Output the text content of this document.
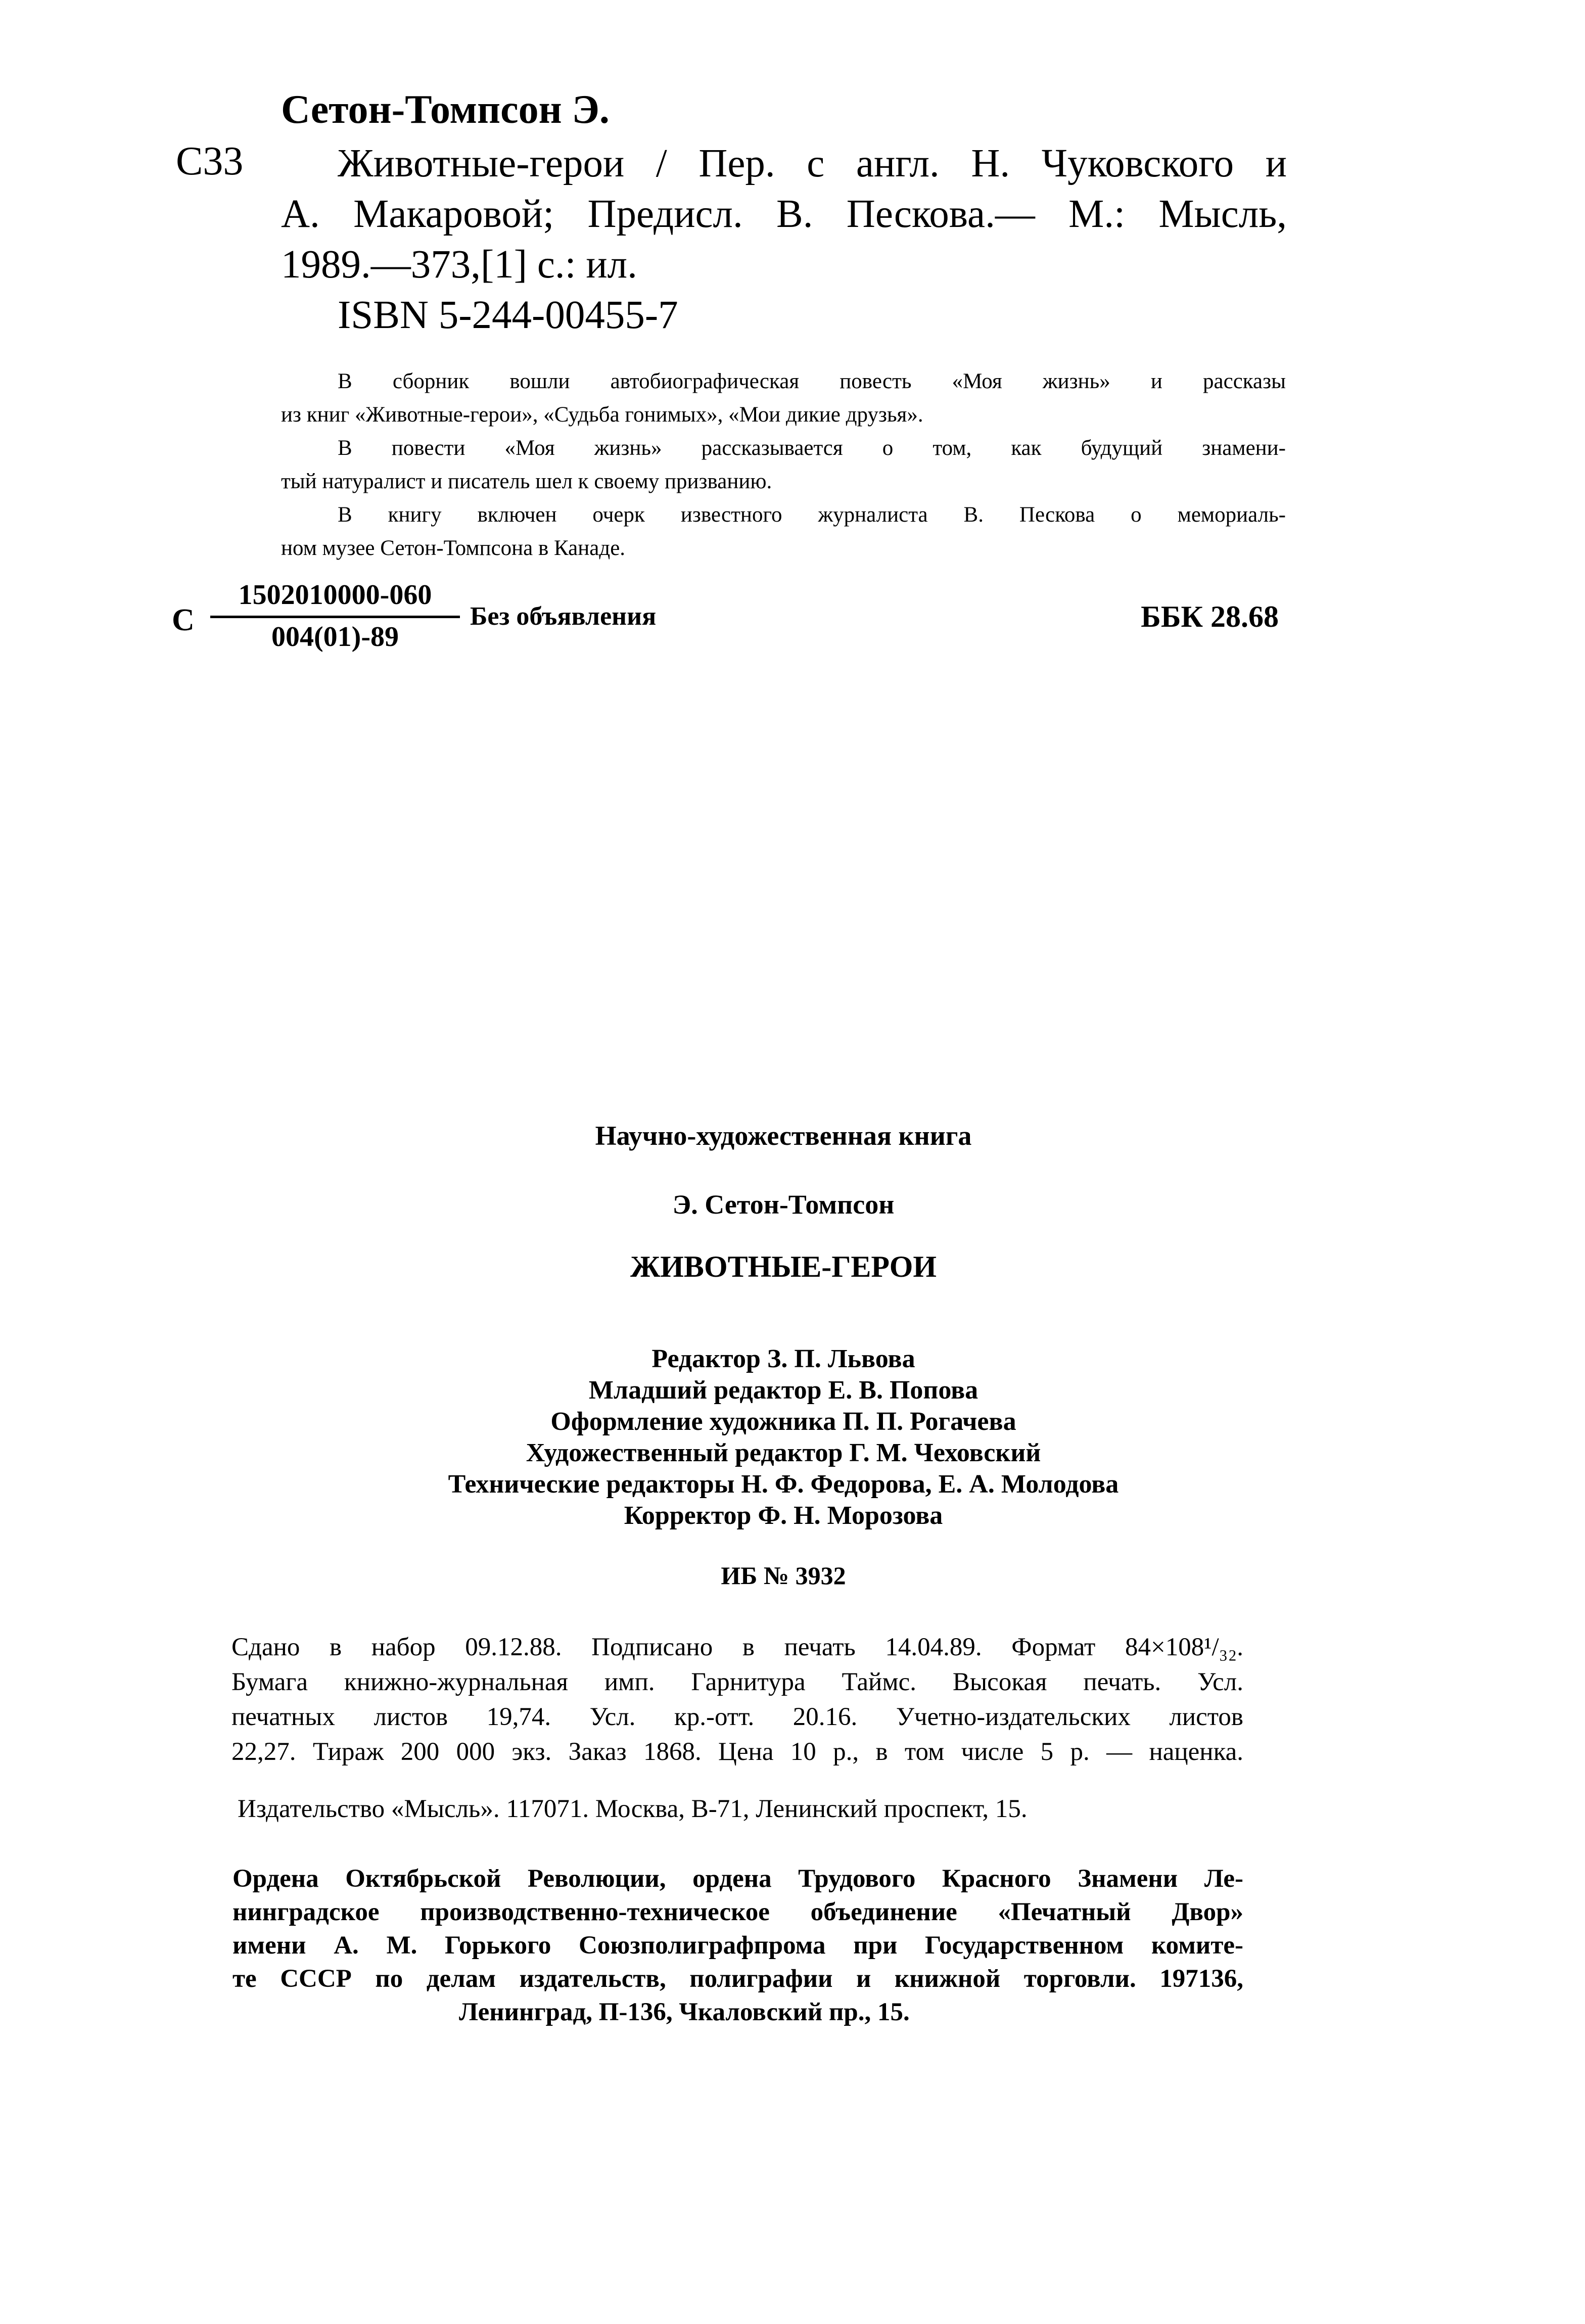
Сетон-Томпсон Э.
С33	Животные-герои / Пер. с англ. Н. Чуковского и
А. Макаровой; Предисл. В. Пескова.— М.: Мысль,
1989.—373,[1] с.: ил.
ISBN 5-244-00455-7
В сборник вошли автобиографическая повесть «Моя жизнь» и рассказы
из книг «Животные-герои», «Судьба гонимых», «Мои дикие друзья».
В повести «Моя жизнь» рассказывается о том, как будущий знамени-
тый натуралист и писатель шел к своему призванию.
В книгу включен очерк известного журналиста В. Пескова о мемориаль-
ном музее Сетон-Томпсона в Канаде.
С $\frac{1502010000-060}{004(01)-89}$ Без объявления	ББК 28.68
Научно-художественная книга
Э. Сетон-Томпсон
ЖИВОТНЫЕ-ГЕРОИ
Редактор З. П. Львова
Младший редактор Е. В. Попова
Оформление художника П. П. Рогачева
Художественный редактор Г. М. Чеховский
Технические редакторы Н. Ф. Федорова, Е. А. Молодова
Корректор Ф. Н. Морозова
ИБ № 3932
Сдано в набор 09.12.88. Подписано в печать 14.04.89. Формат 84×108¹/₃₂.
Бумага книжно-журнальная имп. Гарнитура Таймс. Высокая печать. Усл.
печатных листов 19,74. Усл. кр.-отт. 20.16. Учетно-издательских листов
22,27. Тираж 200 000 экз. Заказ 1868. Цена 10 р., в том числе 5 р. — наценка.
Издательство «Мысль». 117071. Москва, В-71, Ленинский проспект, 15.
Ордена Октябрьской Революции, ордена Трудового Красного Знамени Ле-
нинградское производственно-техническое объединение «Печатный Двор»
имени А. М. Горького Союзполиграфпрома при Государственном комите-
те СССР по делам издательств, полиграфии и книжной торговли. 197136,
Ленинград, П-136, Чкаловский пр., 15.
